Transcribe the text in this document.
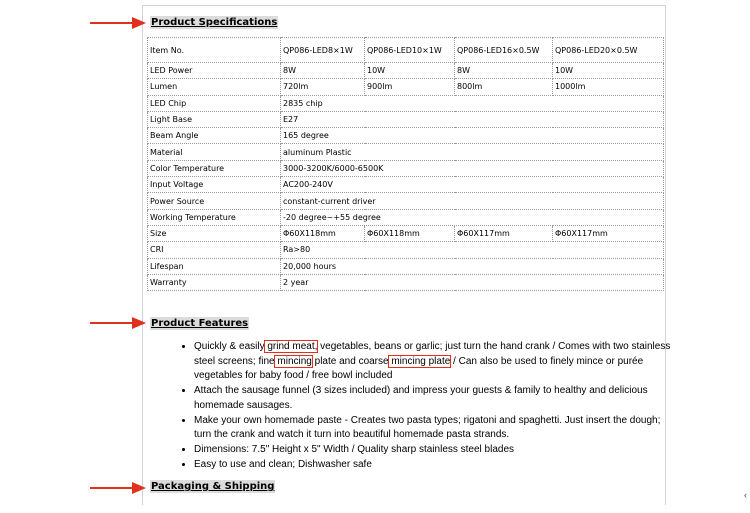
Product Specifications
Item No.	QP086-LED8×1W	QP086-LED10×1W	QP086-LED16×0.5W	QP086-LED20×0.5W
LED Power	8W	10W	8W	10W
Lumen	720lm	900lm	800lm	1000lm
LED Chip	2835 chip			
Light Base	E27			
Beam Angle	165 degree			
Material	aluminum Plastic			
Color Temperature	3000-3200K/6000-6500K			
Input Voltage	AC200-240V			
Power Source	constant-current driver			
Working Temperature	-20 degree~+55 degree			
Size	Φ60X118mm	Φ60X118mm	Φ60X117mm	Φ60X117mm
CRI	Ra>80			
Lifespan	20,000 hours			
Warranty	2 year			
Product Features
• Quickly & easily grind meat, vegetables, beans or garlic; just turn the hand crank / Comes with two stainless steel screens; fine mincing plate and coarse mincing plate / Can also be used to finely mince or purée vegetables for baby food / free bowl included
• Attach the sausage funnel (3 sizes included) and impress your guests & family to healthy and delicious homemade sausages.
• Make your own homemade paste - Creates two pasta types; rigatoni and spaghetti. Just insert the dough; turn the crank and watch it turn into beautiful homemade pasta strands.
• Dimensions: 7.5" Height x 5" Width / Quality sharp stainless steel blades
• Easy to use and clean; Dishwasher safe
Packaging & Shipping
‹
